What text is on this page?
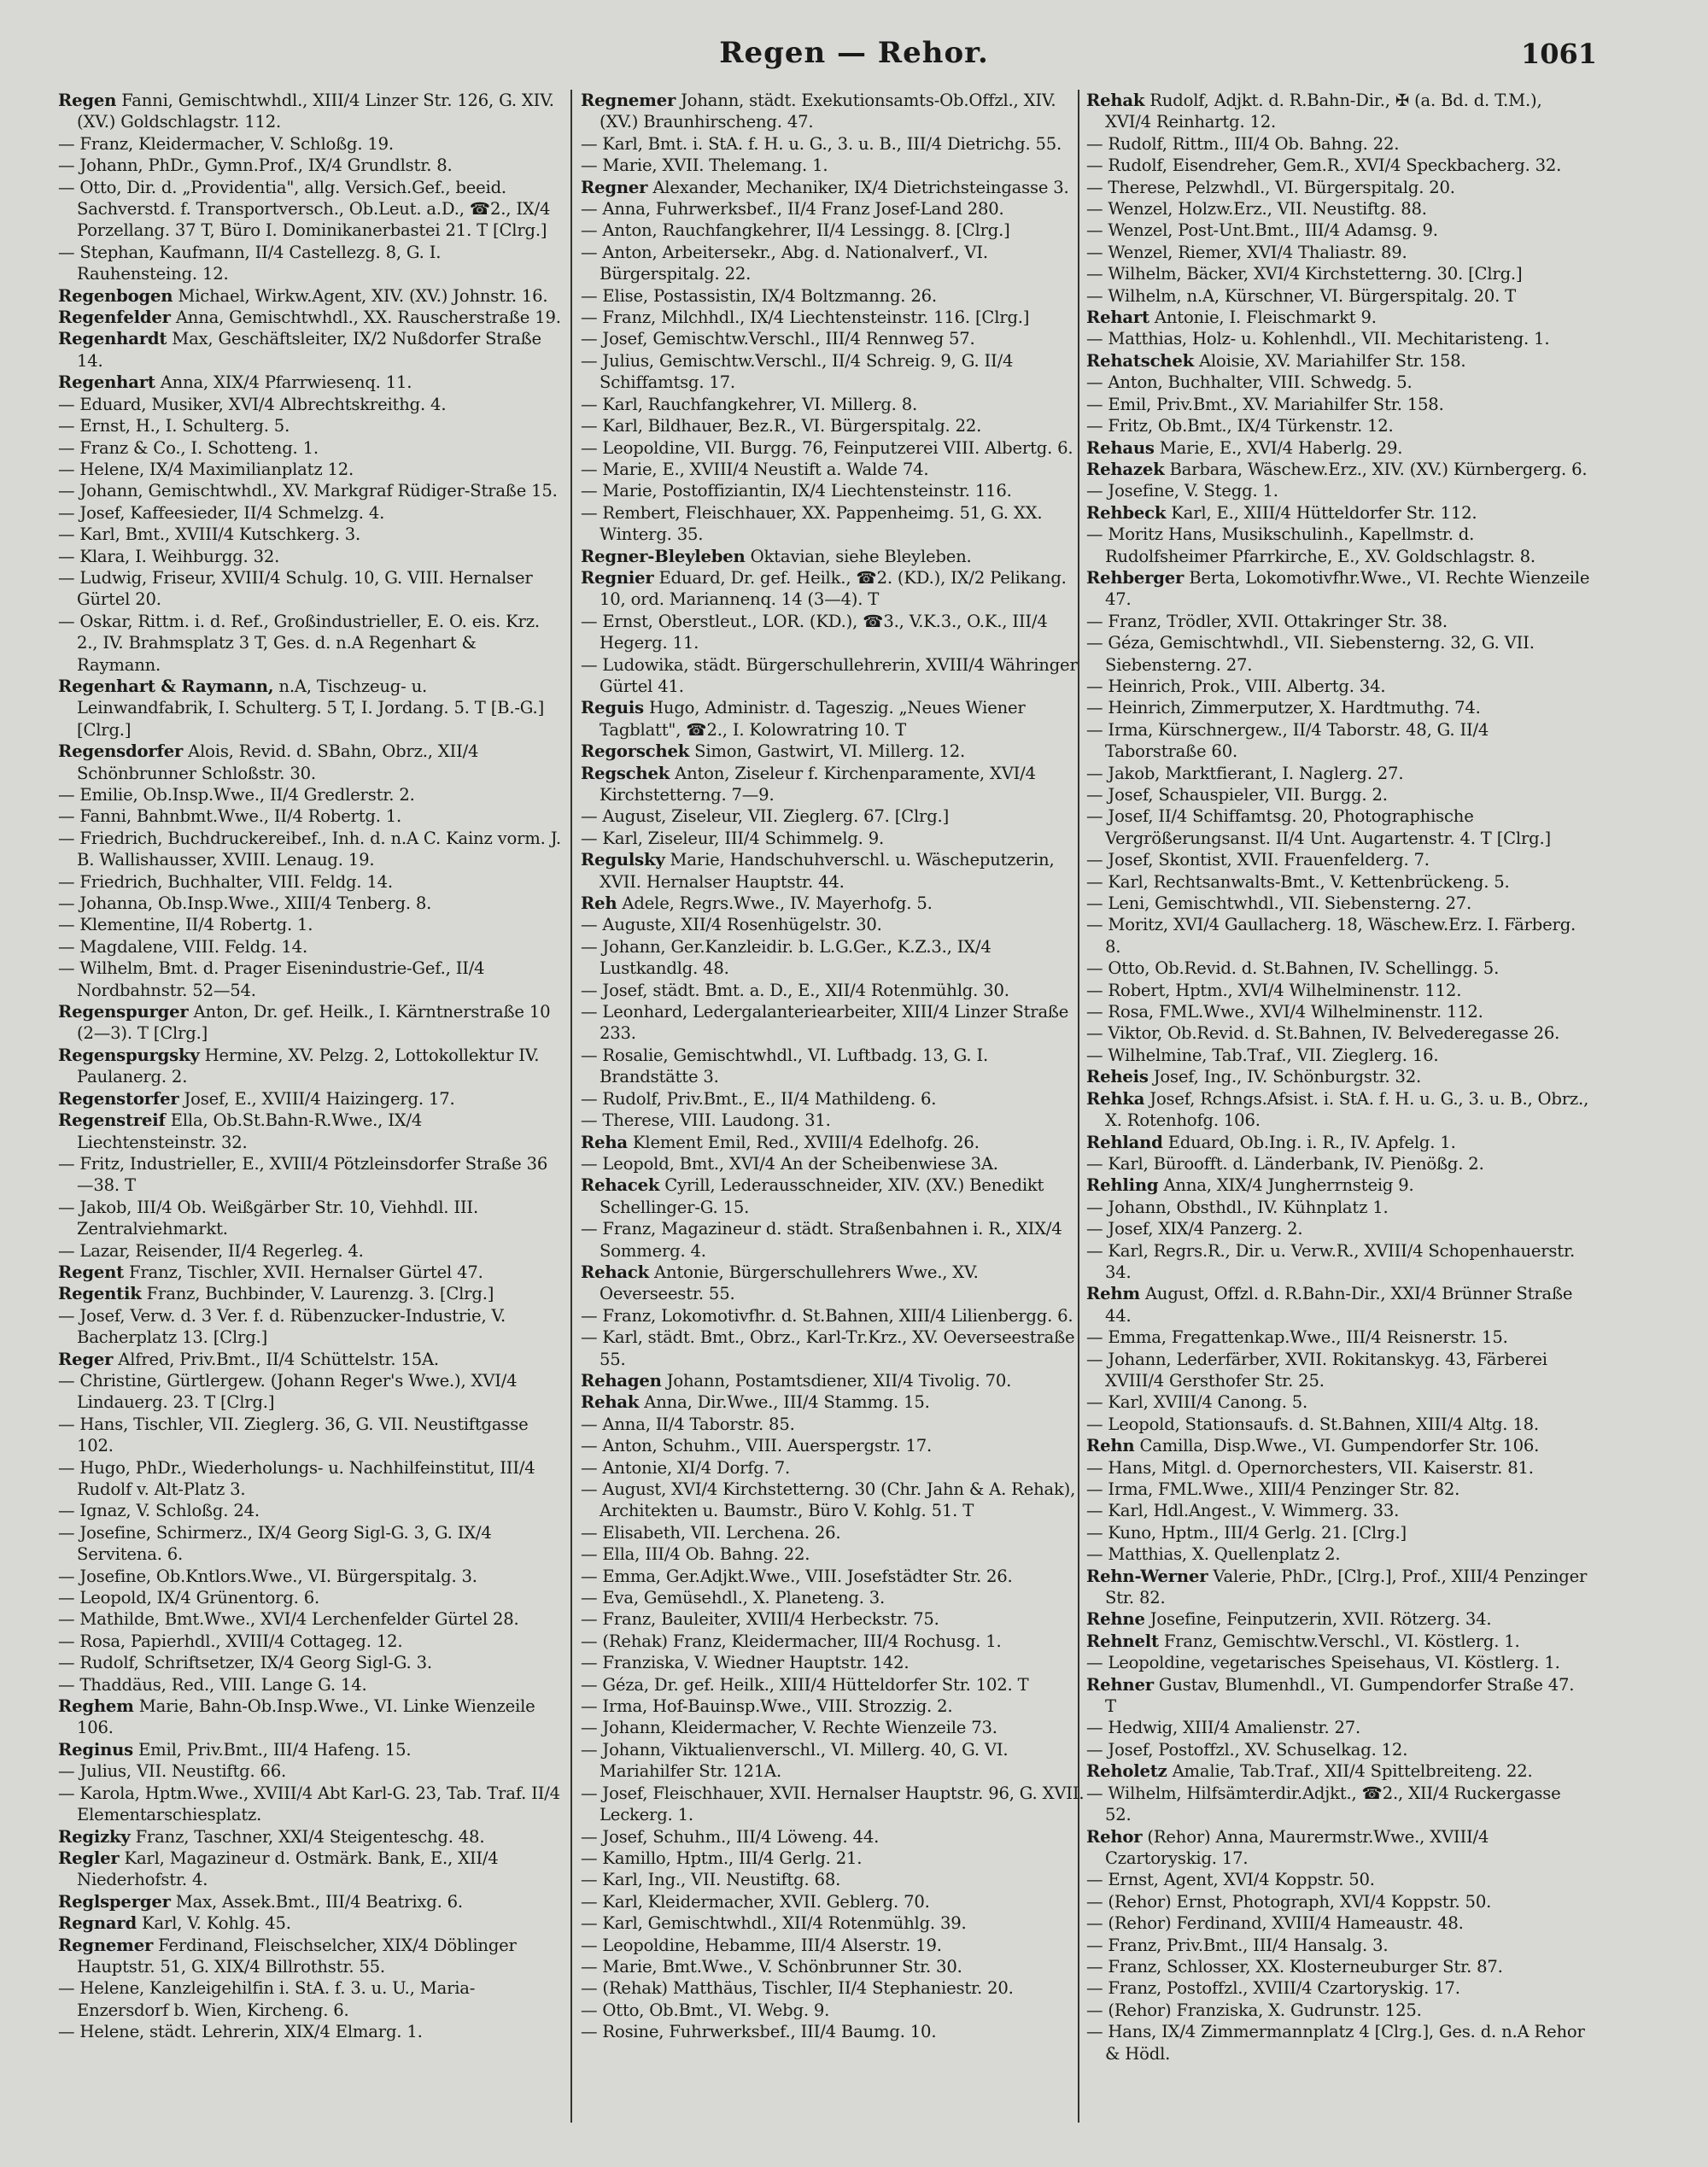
Regen — Rehor.	1061

Regen Fanni, Gemischtwhdl., XIII/4 Linzer Str. 126, G. XIV. (XV.) Goldschlagstr. 112.

— Franz, Kleidermacher, V. Schloßg. 19.

— Johann, PhDr., Gymn.Prof., IX/4 Grundlstr. 8.

— Otto, Dir. d. „Providentia", allg. Versich.Gef., beeid. Sachverstd. f. Transportversch., Ob.Leut. a.D., ☎2., IX/4 Porzellang. 37 T, Büro I. Dominikanerbastei 21. T [Clrg.]

— Stephan, Kaufmann, II/4 Castellezg. 8, G. I. Rauhensteing. 12.

Regenbogen Michael, Wirkw.Agent, XIV. (XV.) Johnstr. 16.

Regenfelder Anna, Gemischtwhdl., XX. Rauscherstraße 19.

Regenhardt Max, Geschäftsleiter, IX/2 Nußdorfer Straße 14.

Regenhart Anna, XIX/4 Pfarrwiesenq. 11.

— Eduard, Musiker, XVI/4 Albrechtskreithg. 4.

— Ernst, H., I. Schulterg. 5.

— Franz & Co., I. Schotteng. 1.

— Helene, IX/4 Maximilianplatz 12.

— Johann, Gemischtwhdl., XV. Markgraf Rüdiger-Straße 15.

— Josef, Kaffeesieder, II/4 Schmelzg. 4.

— Karl, Bmt., XVIII/4 Kutschkerg. 3.

— Klara, I. Weihburgg. 32.

— Ludwig, Friseur, XVIII/4 Schulg. 10, G. VIII. Hernalser Gürtel 20.

— Oskar, Rittm. i. d. Ref., Großindustrieller, E. O. eis. Krz. 2., IV. Brahmsplatz 3 T, Ges. d. n.A Regenhart & Raymann.

Regenhart & Raymann, n.A, Tischzeug- u. Leinwandfabrik, I. Schulterg. 5 T, I. Jordang. 5. T [B.-G.] [Clrg.]

Regensdorfer Alois, Revid. d. SBahn, Obrz., XII/4 Schönbrunner Schloßstr. 30.

— Emilie, Ob.Insp.Wwe., II/4 Gredlerstr. 2.

— Fanni, Bahnbmt.Wwe., II/4 Robertg. 1.

— Friedrich, Buchdruckereibef., Inh. d. n.A C. Kainz vorm. J. B. Wallishausser, XVIII. Lenaug. 19.

— Friedrich, Buchhalter, VIII. Feldg. 14.

— Johanna, Ob.Insp.Wwe., XIII/4 Tenberg. 8.

— Klementine, II/4 Robertg. 1.

— Magdalene, VIII. Feldg. 14.

— Wilhelm, Bmt. d. Prager Eisenindustrie-Gef., II/4 Nordbahnstr. 52—54.

Regenspurger Anton, Dr. gef. Heilk., I. Kärntnerstraße 10 (2—3). T [Clrg.]

Regenspurgsky Hermine, XV. Pelzg. 2, Lottokollektur IV. Paulanerg. 2.

Regenstorfer Josef, E., XVIII/4 Haizingerg. 17.

Regenstreif Ella, Ob.St.Bahn-R.Wwe., IX/4 Liechtensteinstr. 32.

— Fritz, Industrieller, E., XVIII/4 Pötzleinsdorfer Straße 36—38. T

— Jakob, III/4 Ob. Weißgärber Str. 10, Viehhdl. III. Zentralviehmarkt.

— Lazar, Reisender, II/4 Regerleg. 4.

Regent Franz, Tischler, XVII. Hernalser Gürtel 47.

Regentik Franz, Buchbinder, V. Laurenzg. 3. [Clrg.]

— Josef, Verw. d. 3 Ver. f. d. Rübenzucker-Industrie, V. Bacherplatz 13. [Clrg.]

Reger Alfred, Priv.Bmt., II/4 Schüttelstr. 15A.

— Christine, Gürtlergew. (Johann Reger's Wwe.), XVI/4 Lindauerg. 23. T [Clrg.]

— Hans, Tischler, VII. Zieglerg. 36, G. VII. Neustiftgasse 102.

— Hugo, PhDr., Wiederholungs- u. Nachhilfeinstitut, III/4 Rudolf v. Alt-Platz 3.

— Ignaz, V. Schloßg. 24.

— Josefine, Schirmerz., IX/4 Georg Sigl-G. 3, G. IX/4 Servitena. 6.

— Josefine, Ob.Kntlors.Wwe., VI. Bürgerspitalg. 3.

— Leopold, IX/4 Grünentorg. 6.

— Mathilde, Bmt.Wwe., XVI/4 Lerchenfelder Gürtel 28.

— Rosa, Papierhdl., XVIII/4 Cottageg. 12.

— Rudolf, Schriftsetzer, IX/4 Georg Sigl-G. 3.

— Thaddäus, Red., VIII. Lange G. 14.

Reghem Marie, Bahn-Ob.Insp.Wwe., VI. Linke Wienzeile 106.

Reginus Emil, Priv.Bmt., III/4 Hafeng. 15.

— Julius, VII. Neustiftg. 66.

— Karola, Hptm.Wwe., XVIII/4 Abt Karl-G. 23, Tab. Traf. II/4 Elementarschiesplatz.

Regizky Franz, Taschner, XXI/4 Steigenteschg. 48.

Regler Karl, Magazineur d. Ostmärk. Bank, E., XII/4 Niederhofstr. 4.

Reglsperger Max, Assek.Bmt., III/4 Beatrixg. 6.

Regnard Karl, V. Kohlg. 45.

Regnemer Ferdinand, Fleischselcher, XIX/4 Döblinger Hauptstr. 51, G. XIX/4 Billrothstr. 55.

— Helene, Kanzleigehilfin i. StA. f. 3. u. U., Maria-Enzersdorf b. Wien, Kircheng. 6.

— Helene, städt. Lehrerin, XIX/4 Elmarg. 1.

Regnemer Johann, städt. Exekutionsamts-Ob.Offzl., XIV. (XV.) Braunhirscheng. 47.

— Karl, Bmt. i. StA. f. H. u. G., 3. u. B., III/4 Dietrichg. 55.

— Marie, XVII. Thelemang. 1.

Regner Alexander, Mechaniker, IX/4 Dietrichsteingasse 3.

— Anna, Fuhrwerksbef., II/4 Franz Josef-Land 280.

— Anton, Rauchfangkehrer, II/4 Lessingg. 8. [Clrg.]

— Anton, Arbeitersekr., Abg. d. Nationalverf., VI. Bürgerspitalg. 22.

— Elise, Postassistin, IX/4 Boltzmanng. 26.

— Franz, Milchhdl., IX/4 Liechtensteinstr. 116. [Clrg.]

— Josef, Gemischtw.Verschl., III/4 Rennweg 57.

— Julius, Gemischtw.Verschl., II/4 Schreig. 9, G. II/4 Schiffamtsg. 17.

— Karl, Rauchfangkehrer, VI. Millerg. 8.

— Karl, Bildhauer, Bez.R., VI. Bürgerspitalg. 22.

— Leopoldine, VII. Burgg. 76, Feinputzerei VIII. Albertg. 6.

— Marie, E., XVIII/4 Neustift a. Walde 74.

— Marie, Postoffiziantin, IX/4 Liechtensteinstr. 116.

— Rembert, Fleischhauer, XX. Pappenheimg. 51, G. XX. Winterg. 35.

Regner-Bleyleben Oktavian, siehe Bleyleben.

Regnier Eduard, Dr. gef. Heilk., ☎2. (KD.), IX/2 Pelikang. 10, ord. Mariannenq. 14 (3—4). T

— Ernst, Oberstleut., LOR. (KD.), ☎3., V.K.3., O.K., III/4 Hegerg. 11.

— Ludowika, städt. Bürgerschullehrerin, XVIII/4 Währinger Gürtel 41.

Reguis Hugo, Administr. d. Tageszig. „Neues Wiener Tagblatt", ☎2., I. Kolowratring 10. T

Regorschek Simon, Gastwirt, VI. Millerg. 12.

Regschek Anton, Ziseleur f. Kirchenparamente, XVI/4 Kirchstetterng. 7—9.

— August, Ziseleur, VII. Zieglerg. 67. [Clrg.]

— Karl, Ziseleur, III/4 Schimmelg. 9.

Regulsky Marie, Handschuhverschl. u. Wäscheputzerin, XVII. Hernalser Hauptstr. 44.

Reh Adele, Regrs.Wwe., IV. Mayerhofg. 5.

— Auguste, XII/4 Rosenhügelstr. 30.

— Johann, Ger.Kanzleidir. b. L.G.Ger., K.Z.3., IX/4 Lustkandlg. 48.

— Josef, städt. Bmt. a. D., E., XII/4 Rotenmühlg. 30.

— Leonhard, Ledergalanteriearbeiter, XIII/4 Linzer Straße 233.

— Rosalie, Gemischtwhdl., VI. Luftbadg. 13, G. I. Brandstätte 3.

— Rudolf, Priv.Bmt., E., II/4 Mathildeng. 6.

— Therese, VIII. Laudong. 31.

Reha Klement Emil, Red., XVIII/4 Edelhofg. 26.

— Leopold, Bmt., XVI/4 An der Scheibenwiese 3A.

Rehacek Cyrill, Lederausschneider, XIV. (XV.) Benedikt Schellinger-G. 15.

— Franz, Magazineur d. städt. Straßenbahnen i. R., XIX/4 Sommerg. 4.

Rehack Antonie, Bürgerschullehrers Wwe., XV. Oeverseestr. 55.

— Franz, Lokomotivfhr. d. St.Bahnen, XIII/4 Lilienbergg. 6.

— Karl, städt. Bmt., Obrz., Karl-Tr.Krz., XV. Oeverseestraße 55.

Rehagen Johann, Postamtsdiener, XII/4 Tivolig. 70.

Rehak Anna, Dir.Wwe., III/4 Stammg. 15.

— Anna, II/4 Taborstr. 85.

— Anton, Schuhm., VIII. Auerspergstr. 17.

— Antonie, XI/4 Dorfg. 7.

— August, XVI/4 Kirchstetterng. 30 (Chr. Jahn & A. Rehak), Architekten u. Baumstr., Büro V. Kohlg. 51. T

— Elisabeth, VII. Lerchena. 26.

— Ella, III/4 Ob. Bahng. 22.

— Emma, Ger.Adjkt.Wwe., VIII. Josefstädter Str. 26.

— Eva, Gemüsehdl., X. Planeteng. 3.

— Franz, Bauleiter, XVIII/4 Herbeckstr. 75.

— (Rehak) Franz, Kleidermacher, III/4 Rochusg. 1.

— Franziska, V. Wiedner Hauptstr. 142.

— Géza, Dr. gef. Heilk., XIII/4 Hütteldorfer Str. 102. T

— Irma, Hof-Bauinsp.Wwe., VIII. Strozzig. 2.

— Johann, Kleidermacher, V. Rechte Wienzeile 73.

— Johann, Viktualienverschl., VI. Millerg. 40, G. VI. Mariahilfer Str. 121A.

— Josef, Fleischhauer, XVII. Hernalser Hauptstr. 96, G. XVII. Leckerg. 1.

— Josef, Schuhm., III/4 Löweng. 44.

— Kamillo, Hptm., III/4 Gerlg. 21.

— Karl, Ing., VII. Neustiftg. 68.

— Karl, Kleidermacher, XVII. Geblerg. 70.

— Karl, Gemischtwhdl., XII/4 Rotenmühlg. 39.

— Leopoldine, Hebamme, III/4 Alserstr. 19.

— Marie, Bmt.Wwe., V. Schönbrunner Str. 30.

— (Rehak) Matthäus, Tischler, II/4 Stephaniestr. 20.

— Otto, Ob.Bmt., VI. Webg. 9.

— Rosine, Fuhrwerksbef., III/4 Baumg. 10.

Rehak Rudolf, Adjkt. d. R.Bahn-Dir., ✠ (a. Bd. d. T.M.), XVI/4 Reinhartg. 12.

— Rudolf, Rittm., III/4 Ob. Bahng. 22.

— Rudolf, Eisendreher, Gem.R., XVI/4 Speckbacherg. 32.

— Therese, Pelzwhdl., VI. Bürgerspitalg. 20.

— Wenzel, Holzw.Erz., VII. Neustiftg. 88.

— Wenzel, Post-Unt.Bmt., III/4 Adamsg. 9.

— Wenzel, Riemer, XVI/4 Thaliastr. 89.

— Wilhelm, Bäcker, XVI/4 Kirchstetterng. 30. [Clrg.]

— Wilhelm, n.A, Kürschner, VI. Bürgerspitalg. 20. T

Rehart Antonie, I. Fleischmarkt 9.

— Matthias, Holz- u. Kohlenhdl., VII. Mechitaristeng. 1.

Rehatschek Aloisie, XV. Mariahilfer Str. 158.

— Anton, Buchhalter, VIII. Schwedg. 5.

— Emil, Priv.Bmt., XV. Mariahilfer Str. 158.

— Fritz, Ob.Bmt., IX/4 Türkenstr. 12.

Rehaus Marie, E., XVI/4 Haberlg. 29.

Rehazek Barbara, Wäschew.Erz., XIV. (XV.) Kürnbergerg. 6.

— Josefine, V. Stegg. 1.

Rehbeck Karl, E., XIII/4 Hütteldorfer Str. 112.

— Moritz Hans, Musikschulinh., Kapellmstr. d. Rudolfsheimer Pfarrkirche, E., XV. Goldschlagstr. 8.

Rehberger Berta, Lokomotivfhr.Wwe., VI. Rechte Wienzeile 47.

— Franz, Trödler, XVII. Ottakringer Str. 38.

— Géza, Gemischtwhdl., VII. Siebensterng. 32, G. VII. Siebensterng. 27.

— Heinrich, Prok., VIII. Albertg. 34.

— Heinrich, Zimmerputzer, X. Hardtmuthg. 74.

— Irma, Kürschnergew., II/4 Taborstr. 48, G. II/4 Taborstraße 60.

— Jakob, Marktfierant, I. Naglerg. 27.

— Josef, Schauspieler, VII. Burgg. 2.

— Josef, II/4 Schiffamtsg. 20, Photographische Vergrößerungsanst. II/4 Unt. Augartenstr. 4. T [Clrg.]

— Josef, Skontist, XVII. Frauenfelderg. 7.

— Karl, Rechtsanwalts-Bmt., V. Kettenbrückeng. 5.

— Leni, Gemischtwhdl., VII. Siebensterng. 27.

— Moritz, XVI/4 Gaullacherg. 18, Wäschew.Erz. I. Färberg. 8.

— Otto, Ob.Revid. d. St.Bahnen, IV. Schellingg. 5.

— Robert, Hptm., XVI/4 Wilhelminenstr. 112.

— Rosa, FML.Wwe., XVI/4 Wilhelminenstr. 112.

— Viktor, Ob.Revid. d. St.Bahnen, IV. Belvederegasse 26.

— Wilhelmine, Tab.Traf., VII. Zieglerg. 16.

Reheis Josef, Ing., IV. Schönburgstr. 32.

Rehka Josef, Rchngs.Afsist. i. StA. f. H. u. G., 3. u. B., Obrz., X. Rotenhofg. 106.

Rehland Eduard, Ob.Ing. i. R., IV. Apfelg. 1.

— Karl, Büroofft. d. Länderbank, IV. Pienößg. 2.

Rehling Anna, XIX/4 Jungherrnsteig 9.

— Johann, Obsthdl., IV. Kühnplatz 1.

— Josef, XIX/4 Panzerg. 2.

— Karl, Regrs.R., Dir. u. Verw.R., XVIII/4 Schopenhauerstr. 34.

Rehm August, Offzl. d. R.Bahn-Dir., XXI/4 Brünner Straße 44.

— Emma, Fregattenkap.Wwe., III/4 Reisnerstr. 15.

— Johann, Lederfärber, XVII. Rokitanskyg. 43, Färberei XVIII/4 Gersthofer Str. 25.

— Karl, XVIII/4 Canong. 5.

— Leopold, Stationsaufs. d. St.Bahnen, XIII/4 Altg. 18.

Rehn Camilla, Disp.Wwe., VI. Gumpendorfer Str. 106.

— Hans, Mitgl. d. Opernorchesters, VII. Kaiserstr. 81.

— Irma, FML.Wwe., XIII/4 Penzinger Str. 82.

— Karl, Hdl.Angest., V. Wimmerg. 33.

— Kuno, Hptm., III/4 Gerlg. 21. [Clrg.]

— Matthias, X. Quellenplatz 2.

Rehn-Werner Valerie, PhDr., [Clrg.], Prof., XIII/4 Penzinger Str. 82.

Rehne Josefine, Feinputzerin, XVII. Rötzerg. 34.

Rehnelt Franz, Gemischtw.Verschl., VI. Köstlerg. 1.

— Leopoldine, vegetarisches Speisehaus, VI. Köstlerg. 1.

Rehner Gustav, Blumenhdl., VI. Gumpendorfer Straße 47. T

— Hedwig, XIII/4 Amalienstr. 27.

— Josef, Postoffzl., XV. Schuselkag. 12.

Reholetz Amalie, Tab.Traf., XII/4 Spittelbreiteng. 22.

— Wilhelm, Hilfsämterdir.Adjkt., ☎2., XII/4 Ruckergasse 52.

Rehor (Rehor) Anna, Maurermstr.Wwe., XVIII/4 Czartoryskig. 17.

— Ernst, Agent, XVI/4 Koppstr. 50.

— (Rehor) Ernst, Photograph, XVI/4 Koppstr. 50.

— (Rehor) Ferdinand, XVIII/4 Hameaustr. 48.

— Franz, Priv.Bmt., III/4 Hansalg. 3.

— Franz, Schlosser, XX. Klosterneuburger Str. 87.

— Franz, Postoffzl., XVIII/4 Czartoryskig. 17.

— (Rehor) Franziska, X. Gudrunstr. 125.

— Hans, IX/4 Zimmermannplatz 4 [Clrg.], Ges. d. n.A Rehor & Hödl.
